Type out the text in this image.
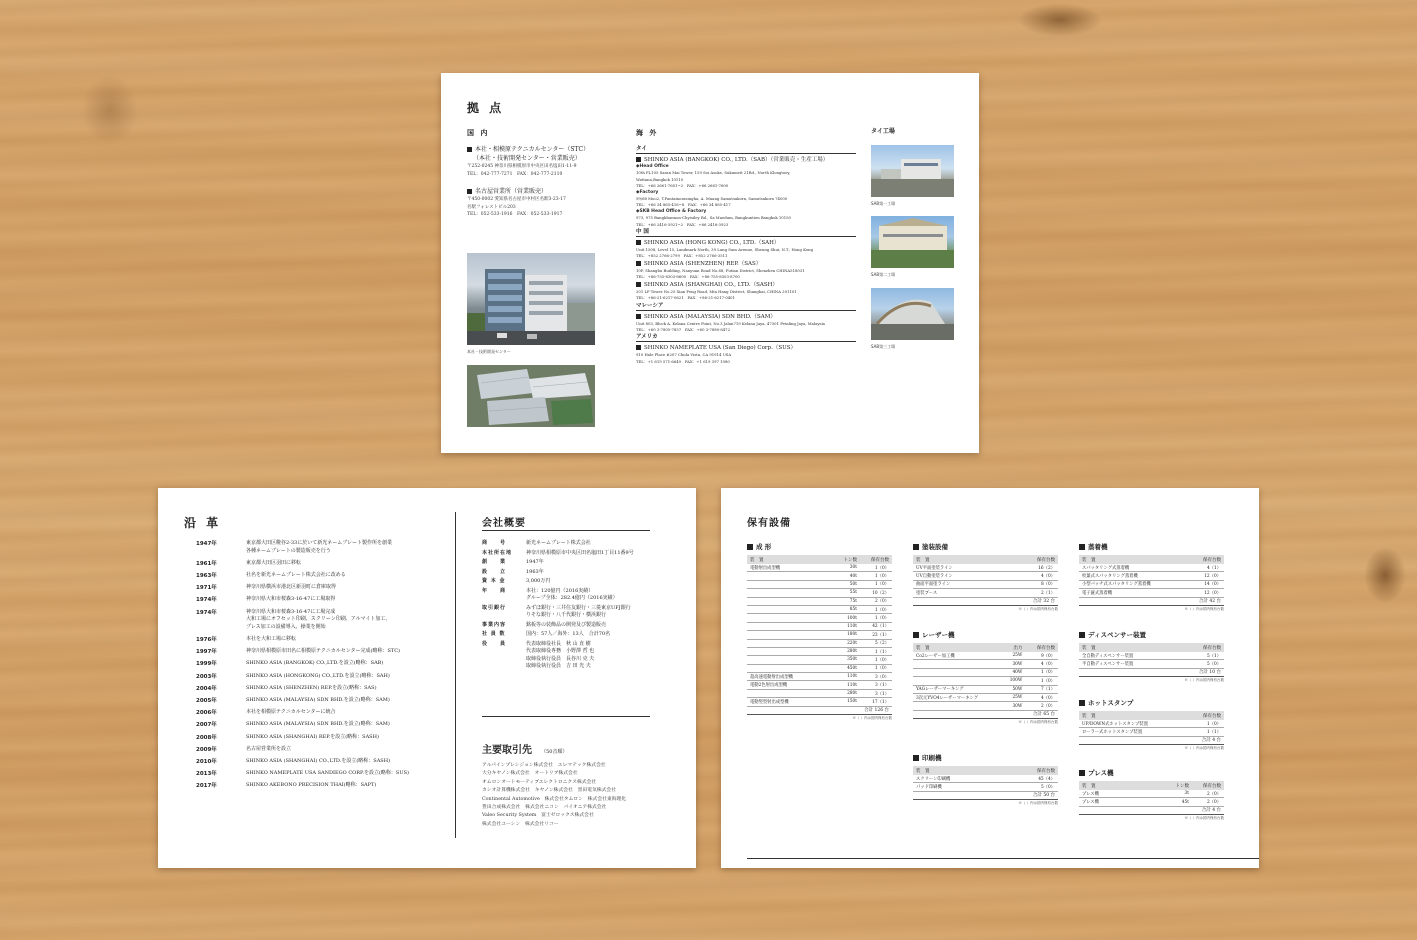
拠 点
国 内
本社・相模原テクニカルセンター（STC）
（本社・技術開発センター・営業販売）
〒252-0245 神奈川県相模原市中央区田名塩田1-11-9
TEL：042-777-7271　FAX：042-777-2110
名古屋営業所（営業販売）
〒450-0002 愛知県名古屋市中村区名駅3-23-17
名駅フォレストビル203
TEL：052-533-1916　FAX：052-533-1917
本社・技術開発センター
海 外
タイ
SHINKO ASIA (BANGKOK) CO., LTD.（SAB）（営業販売・生産工場）
◆Head Office
10th FL105 Saran Mai Tower, 159 Soi Asoke, Sukumvit 21Rd., North Klongtoey,
Wattana,Bangkok 10110
TEL：+66 2661-7601~2　FAX：+66 2661-7600
◆Factory
99/68 Moo2, T.Pantainorasingha, A. Muang Samutsakorn, Samutsakorn 74000
TEL：+66 34 865-416~8　FAX：+66 34 865-417
◆SKB Head Office & Factory
973, 975 Bangkhunnon-Chyisiley Rd., Sa Maedum, Bangkuntien Bangkok 10150
TEL：+66 2416-3921~2　FAX：+66 2416-3923
中 国
SHINKO ASIA (HONG KONG) CO., LTD.（SAH）
Unit 1508, Level 15, Landmark North, 39 Lung Sum Avenue, Sheung Shui, N.T., Hong Kong
TEL：+852 2766-2799　FAX：+852 2766-3511
SHINKO ASIA (SHENZHEN) REP.（SAS）
10F, Shangbu Building, Nanyuan Road No.68, Futian District, Shenzhen CHINA518031
TEL：+86-755-8303-8600　FAX：+86-755-8303-8700
SHINKO ASIA (SHANGHAI) CO., LTD.（SASH）
201 LP Tower No.25 Xian Feng Road, Min Hang District, Shanghai, CHINA 201101
TEL：+86-21-6217-0621　FAX：+86-21-6217-0401
マレーシア
SHINKO ASIA (MALAYSIA) SDN BHD.（SAM）
Unit 803, Block A, Kelana Centre Point, No.3 Jalan719 Kelana Jaya, 47301 Petaling Jaya, Malaysia
TEL：+60 3-7805-7857　FAX：+60 3-7880-8472
アメリカ
SHINKO NAMEPLATE USA (San Diego) Corp.（SUS）
910 Hale Place #207 Chula Vista, CA 91914 USA
TEL：+1 619 571-6649　FAX：+1 619 397 1980
タイ工場
SAB第一工場
SAB第二工場
SAB第三工場
沿 革
1947年	東京都大田区糀谷2-33に於いて新光ネームプレート製作所を創業
各種ネームプレートの製造販売を行う
1961年	東京都大田区羽田に移転
1963年	社名を新光ネームプレート株式会社に改める
1971年	神奈川県横浜市港北区新羽町に倉庫取得
1974年	神奈川県大和市桜森3-16-47に工場取得
1974年	神奈川県大和市桜森3-16-47に工場完成
大和工場にオフセット印刷、スクリーン印刷、アルマイト加工、
プレス加工の設備導入、操業を開始
1976年	本社を大和工場に移転
1997年	神奈川県相模原市田名に相模原テクニカルセンター完成(略称：STC)
1999年	SHINKO ASIA (BANGKOK) CO.,LTD.を設立(略称：SAB)
2003年	SHINKO ASIA (HONGKONG) CO.,LTD.を設立(略称：SAH)
2004年	SHINKO ASIA (SHENZHEN) REP.を設立(略称：SAS)
2005年	SHINKO ASIA (MALAYSIA) SDN BHD.を設立(略称：SAM)
2006年	本社を相模原テクニカルセンターに統合
2007年	SHINKO ASIA (MALAYSIA) SDN BHD.を設立(略称：SAM)
2008年	SHINKO ASIA (SHANGHAI) REP.を設立(略称：SASH)
2009年	名古屋営業所を設立
2010年	SHINKO ASIA (SHANGHAI) CO.,LTD.を設立(略称：SASH)
2013年	SHINKO NAMEPLATE USA SANDIEGO CORP.を設立(略称：SUS)
2017年	SHINKO AKEBONO PRECISION THAI(略称：SAPT)
会社概要
商　　号	新光ネームプレート株式会社
本社所在地	神奈川県相模原市中央区田名塩田1丁目11番9号
創　　業	1947年
設　　立	1963年
資 本 金	3,000万円
年　　商	本社：120億円（2016実績）
グループ全体：282.4億円（2016実績）
取引銀行	みずほ銀行・三井住友銀行・三菱東京UFJ銀行
りそな銀行・八千代銀行・横浜銀行
事業内容	銘板等の装飾品の開発及び製造販売
社 員 数	国内：57人／海外：13人　合計70名
役　　員	代表取締役社長　秋 山 直 樹
代表取締役専務　小野澤 哲 也
取締役執行役員　長谷川 克 夫
取締役執行役員　吉 田 光 夫
主要取引先 （50音順）
アルパインプレシジョン株式会社　エレマテック株式会社
大分キヤノン株式会社　オートリブ株式会社
オムロンオートモーティブエレクトロニクス株式会社
カシオ計算機株式会社　キヤノン株式会社　黒田電気株式会社
Continental Automotive　株式会社タムロン　株式会社東海理化
豊田合成株式会社　株式会社ニコン　パイオニア株式会社
Valeo Security System　富士ゼロックス株式会社
株式会社ユーシン　株式会社リコー
保有設備
成 形
装　置	トン数	保有台数
電動射出成型機	30t	1（0）
	40t	1（0）
	50t	1（0）
	55t	10（2）
	75t	2（0）
	85t	1（0）
	100t	1（0）
	110t	42（1）
	180t	23（1）
	220t	5（2）
	280t	1（1）
	350t	1（0）
	450t	1（0）
超高速電動射出成型機	110t	3（0）
電動2色射出成型機	110t	3（1）
	280t	3（1）
電動竪型射出成型機	150t	17（1）
合計 126 台		
※（ ）内は国内保有台数
塗装設備
装　置		保有台数
UV平面塗装ライン		16（2）
UV自動塗装ライン		4（0）
曲面平面塗ライン		8（0）
塗装ブース		2（1）
合計 32 台		
※（ ）内は国内保有台数
レーザー機
装　置	出力	保有台数
Co2レーザー加工機	25W	9（0）
	30W	4（0）
	40W	1（0）
	100W	1（0）
YAGレーザーマーキング	50W	7（1）
3次元YVO4レーザーマーキング	25W	4（0）
	30W	2（0）
合計 65 台		
※（ ）内は国内保有台数
印刷機
装　置		保有台数
スクリーン印刷機		45（4）
パッド印刷機		5（0）
合計 50 台		
※（ ）内は国内保有台数
蒸着機
装　置		保有台数
スパッタリング式蒸着機		4（1）
枚葉式スパッタリング蒸着機		12（0）
小型バッチ式スパッタリング蒸着機		14（0）
電子銃式蒸着機		12（0）
合計 42 台		
※（ ）内は国内保有台数
ディスペンサー装置
装　置		保有台数
全自動ディスペンサー装置		5（1）
半自動ディスペンサー装置		5（0）
合計 10 台		
※（ ）内は国内保有台数
ホットスタンプ
装　置		保有台数
UP/DOWN式ホットスタンプ装置		1（0）
ローラー式ホットスタンプ装置		1（1）
合計 4 台		
※（ ）内は国内保有台数
プレス機
装　置	トン数	保有台数
プレス機	3t	2（0）
プレス機	45t	2（0）
合計 4 台		
※（ ）内は国内保有台数
